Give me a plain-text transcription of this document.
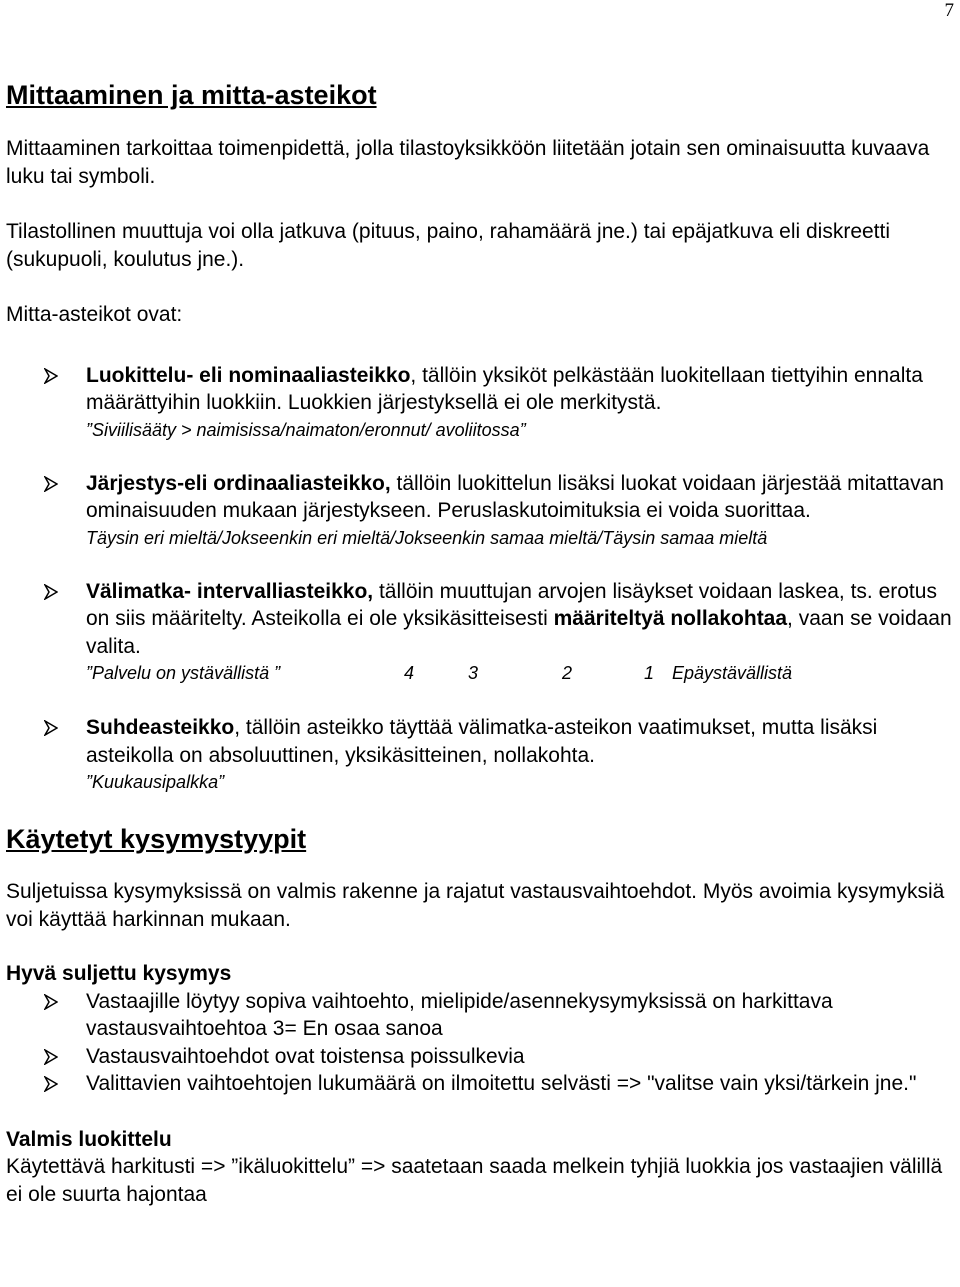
7
Mittaaminen ja mitta-asteikot

Mittaaminen tarkoittaa toimenpidettä, jolla tilastoyksikköön liitetään jotain sen ominaisuutta kuvaava luku tai symboli.

Tilastollinen muuttuja voi olla jatkuva (pituus, paino, rahamäärä jne.) tai epäjatkuva eli diskreetti (sukupuoli, koulutus jne.).

Mitta-asteikot ovat:

Luokittelu- eli nominaaliasteikko, tällöin yksiköt pelkästään luokitellaan tiettyihin ennalta määrättyihin luokkiin. Luokkien järjestyksellä ei ole merkitystä.
”Siviilisääty > naimisissa/naimaton/eronnut/ avoliitossa”
Järjestys-eli ordinaaliasteikko, tällöin luokittelun lisäksi luokat voidaan järjestää mitattavan ominaisuuden mukaan järjestykseen. Peruslaskutoimituksia ei voida suorittaa.
Täysin eri mieltä/Jokseenkin eri mieltä/Jokseenkin samaa mieltä/Täysin samaa mieltä
Välimatka- intervalliasteikko, tällöin muuttujan arvojen lisäykset voidaan laskea, ts. erotus on siis määritelty. Asteikolla ei ole yksikäsitteisesti määriteltyä nollakohtaa, vaan se voidaan valita.
”Palvelu on ystävällistä ”	4	3	2	1 Epäystävällistä
Suhdeasteikko, tällöin asteikko täyttää välimatka-asteikon vaatimukset, mutta lisäksi asteikolla on absoluuttinen, yksikäsitteinen, nollakohta.
”Kuukausipalkka”
Käytetyt kysymystyypit

Suljetuissa kysymyksissä on valmis rakenne ja rajatut vastausvaihtoehdot. Myös avoimia kysymyksiä voi käyttää harkinnan mukaan.

Hyvä suljettu kysymys
Vastaajille löytyy sopiva vaihtoehto, mielipide/asennekysymyksissä on harkittava vastausvaihtoehtoa 3= En osaa sanoa
Vastausvaihtoehdot ovat toistensa poissulkevia
Valittavien vaihtoehtojen lukumäärä on ilmoitettu selvästi => "valitse vain yksi/tärkein jne."
Valmis luokittelu

Käytettävä harkitusti => ”ikäluokittelu” => saatetaan saada melkein tyhjiä luokkia jos vastaajien välillä ei ole suurta hajontaa
